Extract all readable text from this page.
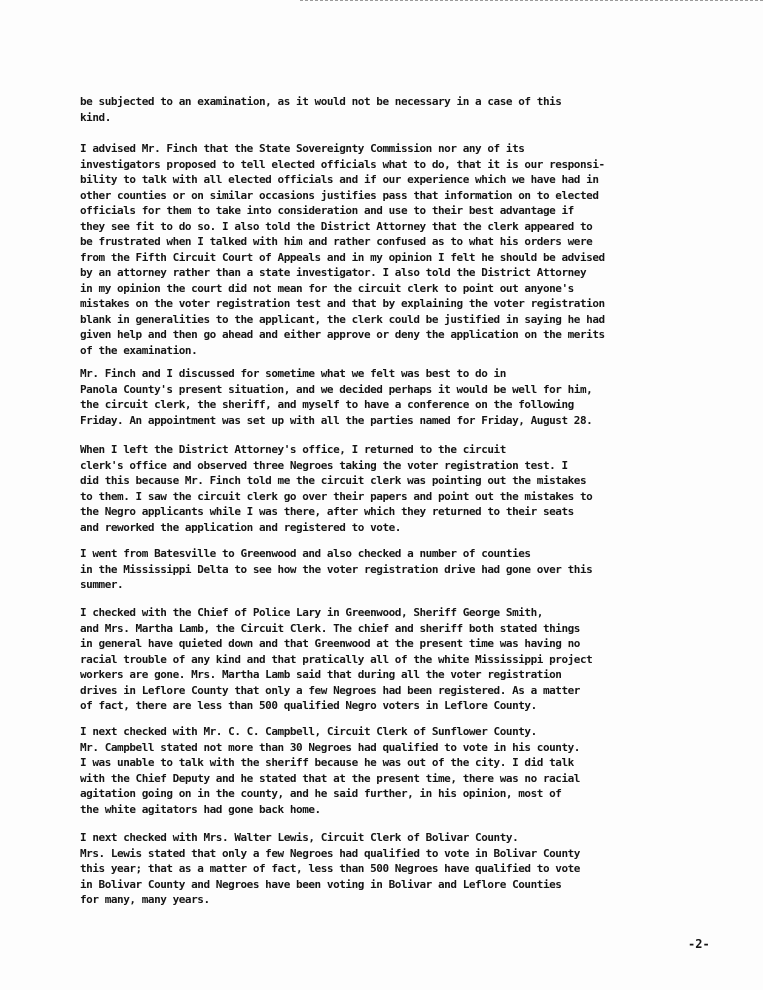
be subjected to an examination, as it would not be necessary in a case of this
kind.

I advised Mr. Finch that the State Sovereignty Commission nor any of its
investigators proposed to tell elected officials what to do, that it is our responsi-
bility to talk with all elected officials and if our experience which we have had in
other counties or on similar occasions justifies pass that information on to elected
officials for them to take into consideration and use to their best advantage if
they see fit to do so. I also told the District Attorney that the clerk appeared to
be frustrated when I talked with him and rather confused as to what his orders were
from the Fifth Circuit Court of Appeals and in my opinion I felt he should be advised
by an attorney rather than a state investigator. I also told the District Attorney
in my opinion the court did not mean for the circuit clerk to point out anyone's
mistakes on the voter registration test and that by explaining the voter registration
blank in generalities to the applicant, the clerk could be justified in saying he had
given help and then go ahead and either approve or deny the application on the merits
of the examination.

Mr. Finch and I discussed for sometime what we felt was best to do in
Panola County's present situation, and we decided perhaps it would be well for him,
the circuit clerk, the sheriff, and myself to have a conference on the following
Friday. An appointment was set up with all the parties named for Friday, August 28.

When I left the District Attorney's office, I returned to the circuit
clerk's office and observed three Negroes taking the voter registration test. I
did this because Mr. Finch told me the circuit clerk was pointing out the mistakes
to them. I saw the circuit clerk go over their papers and point out the mistakes to
the Negro applicants while I was there, after which they returned to their seats
and reworked the application and registered to vote.

I went from Batesville to Greenwood and also checked a number of counties
in the Mississippi Delta to see how the voter registration drive had gone over this
summer.

I checked with the Chief of Police Lary in Greenwood, Sheriff George Smith,
and Mrs. Martha Lamb, the Circuit Clerk. The chief and sheriff both stated things
in general have quieted down and that Greenwood at the present time was having no
racial trouble of any kind and that pratically all of the white Mississippi project
workers are gone. Mrs. Martha Lamb said that during all the voter registration
drives in Leflore County that only a few Negroes had been registered. As a matter
of fact, there are less than 500 qualified Negro voters in Leflore County.

I next checked with Mr. C. C. Campbell, Circuit Clerk of Sunflower County.
Mr. Campbell stated not more than 30 Negroes had qualified to vote in his county.
I was unable to talk with the sheriff because he was out of the city. I did talk
with the Chief Deputy and he stated that at the present time, there was no racial
agitation going on in the county, and he said further, in his opinion, most of
the white agitators had gone back home.

I next checked with Mrs. Walter Lewis, Circuit Clerk of Bolivar County.
Mrs. Lewis stated that only a few Negroes had qualified to vote in Bolivar County
this year; that as a matter of fact, less than 500 Negroes have qualified to vote
in Bolivar County and Negroes have been voting in Bolivar and Leflore Counties
for many, many years.

-2-
